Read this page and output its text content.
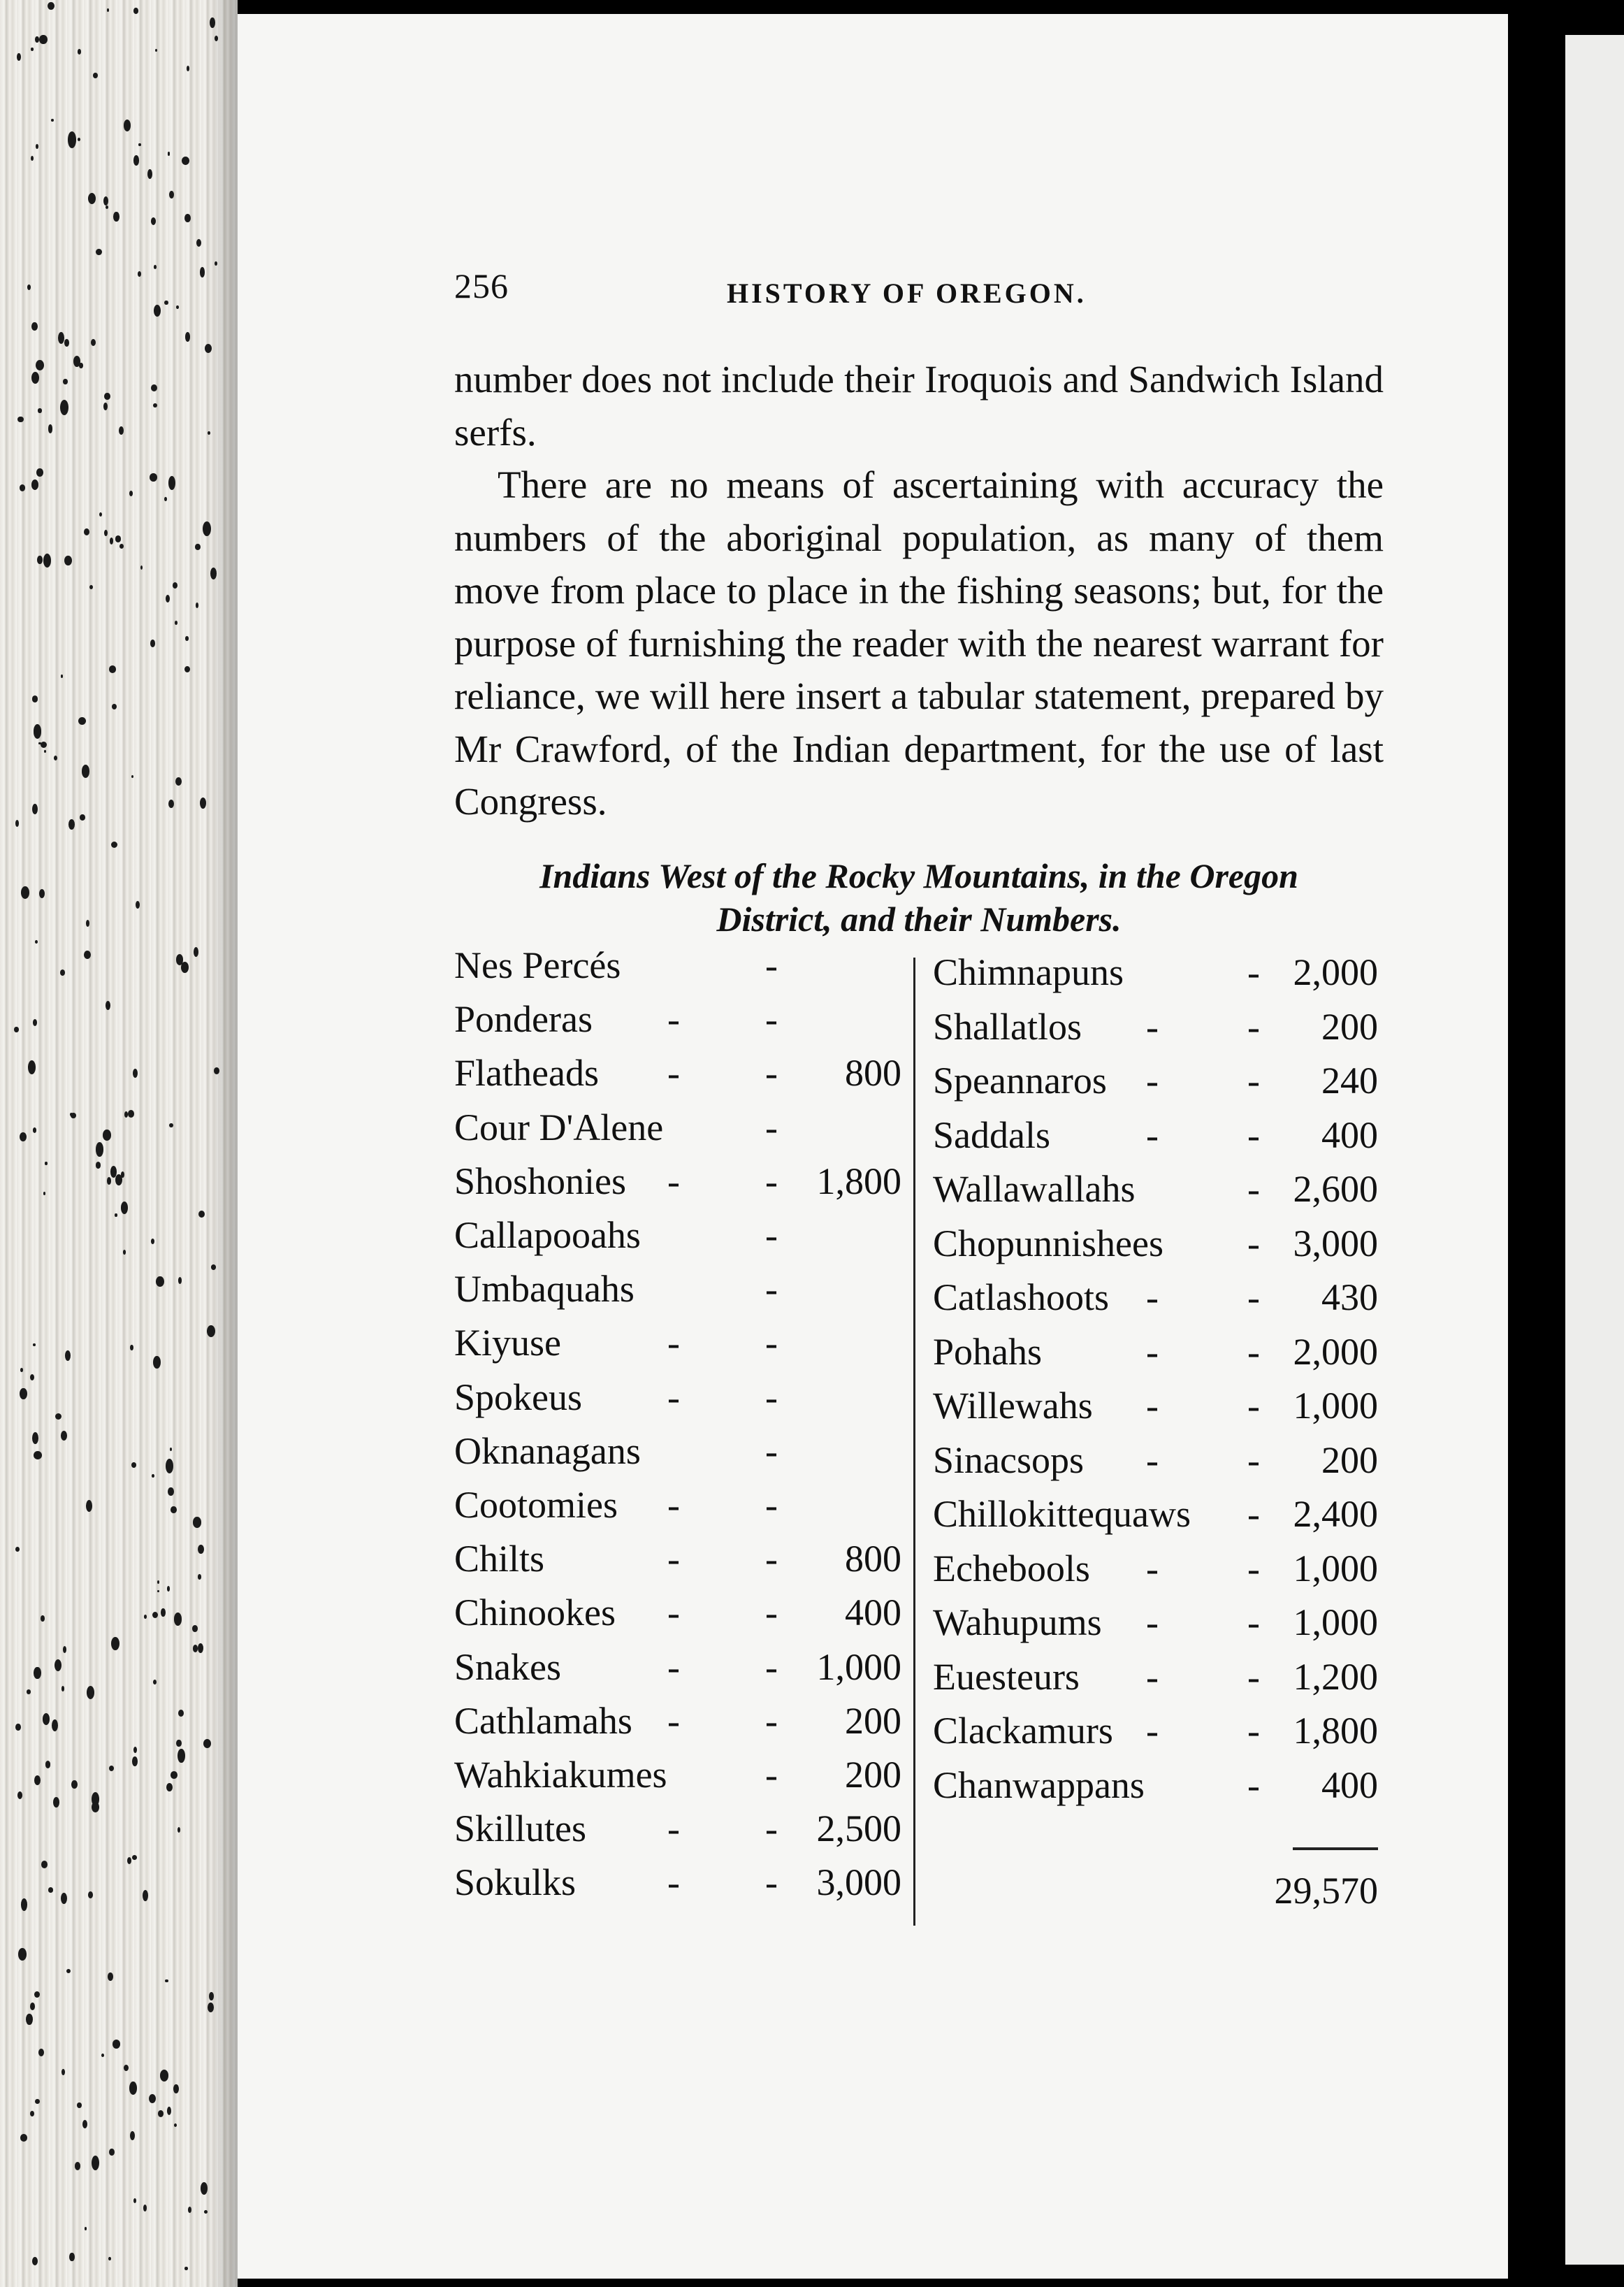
256	HISTORY OF OREGON.

number does not include their Iroquois and Sandwich Island serfs.

There are no means of ascertaining with accuracy the numbers of the aboriginal population, as many of them move from place to place in the fishing seasons; but, for the purpose of furnishing the reader with the nearest warrant for reliance, we will here insert a tabular statement, prepared by Mr Crawford, of the Indian department, for the use of last Congress.

Indians West of the Rocky Mountains, in the Oregon
District, and their Numbers.
Nes Percés	-
Ponderas - -
Flatheads - - 800
Cour D'Alene	-
Shoshonies - - 1,800
Callapooahs	-
Umbaquahs	-
Kiyuse	- -
Spokeus - -
Oknanagans	-
Cootomies - -
Chilts	- - 800
Chinookes - - 400
Snakes	- - 1,000
Cathlamahs - - 200
Wahkiakumes	- 200
Skillutes - - 2,500
Sokulks - - 3,000
Chimnapuns	- 2,000
Shallatlos - - 200
Speannaros - - 240
Saddals	- - 400
Wallawallahs	- 2,600
Chopunnishees - 3,000
Catlashoots - - 430
Pohahs	- - 2,000
Willewahs - - 1,000
Sinacsops - - 200
Chillokittequaws - 2,400
Echebools - - 1,000
Wahupums - - 1,000
Euesteurs - - 1,200
Clackamurs - - 1,800
Chanwappans	- 400
29,570
